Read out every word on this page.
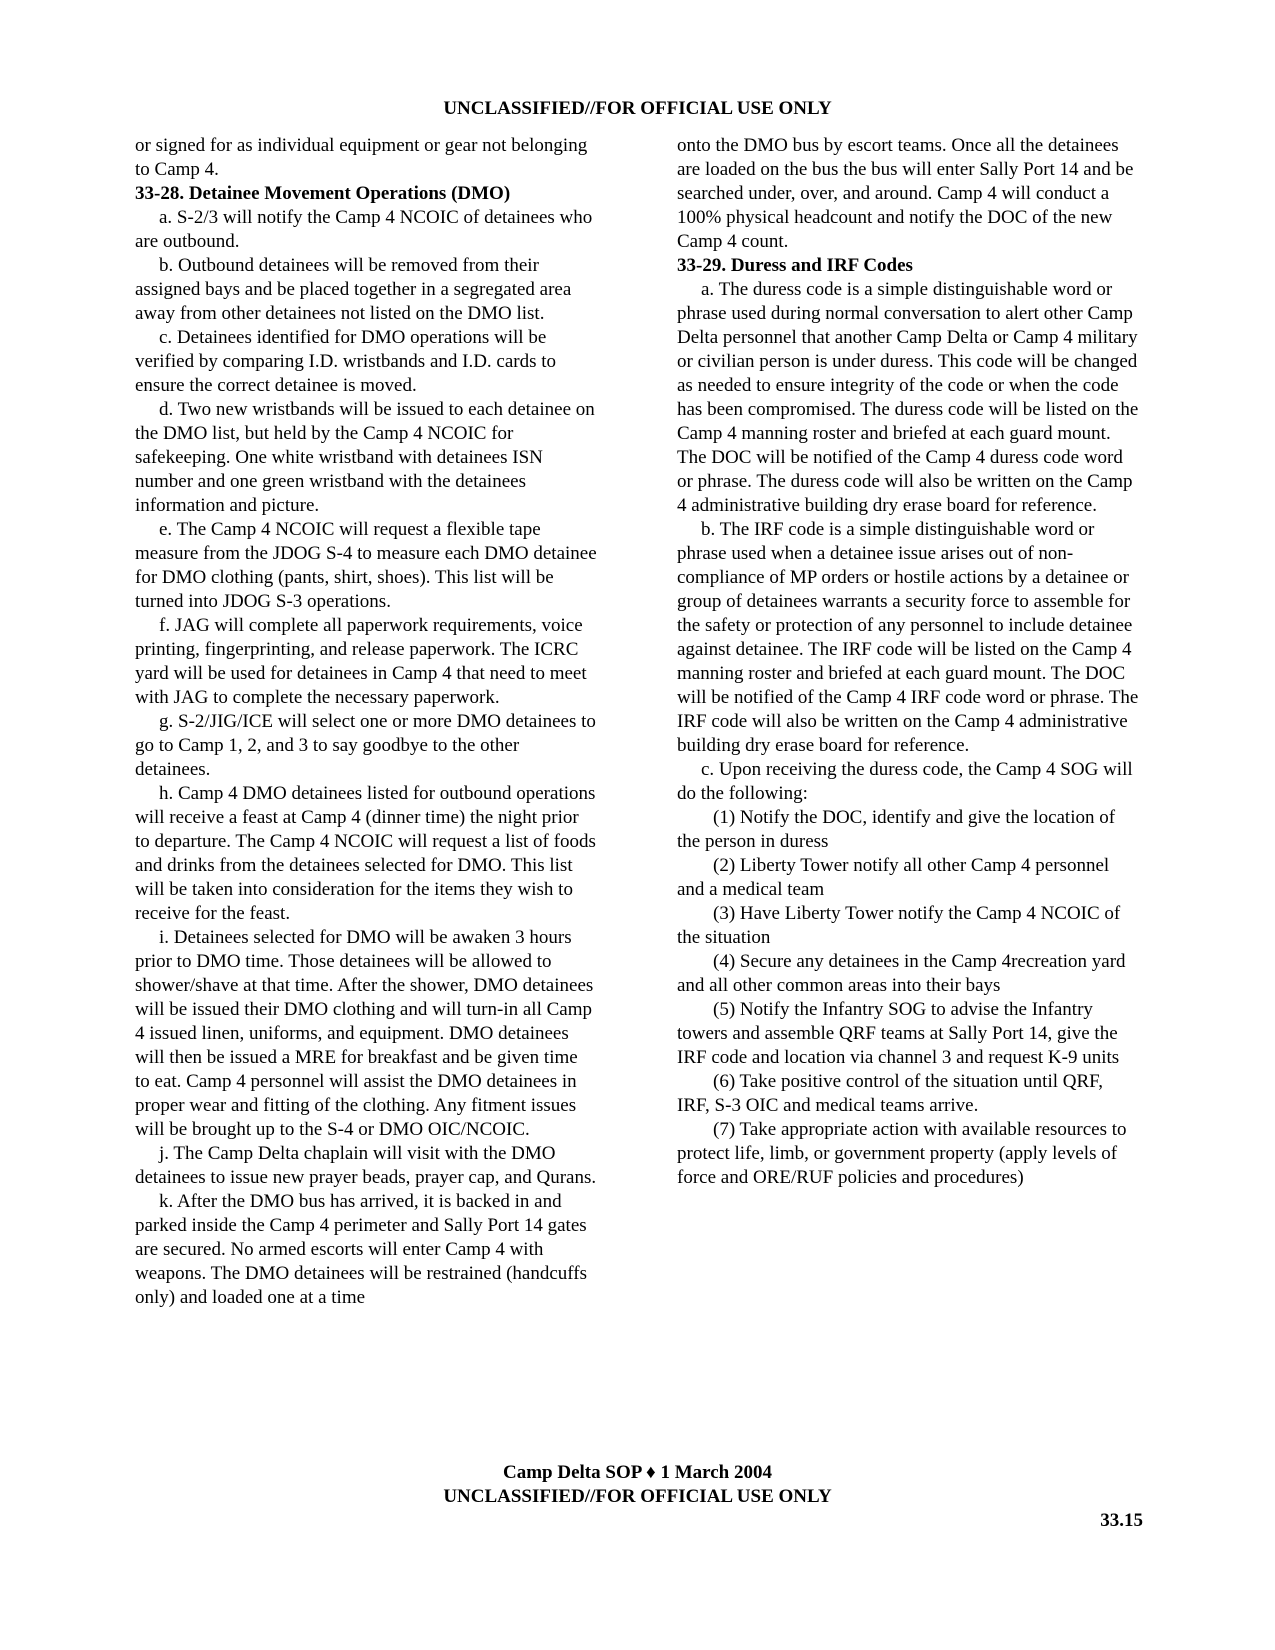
UNCLASSIFIED//FOR OFFICIAL USE ONLY

or signed for as individual equipment or gear not belonging to Camp 4.

33-28. Detainee Movement Operations (DMO)

a. S-2/3 will notify the Camp 4 NCOIC of detainees who are outbound.

b. Outbound detainees will be removed from their assigned bays and be placed together in a segregated area away from other detainees not listed on the DMO list.

c. Detainees identified for DMO operations will be verified by comparing I.D. wristbands and I.D. cards to ensure the correct detainee is moved.

d. Two new wristbands will be issued to each detainee on the DMO list, but held by the Camp 4 NCOIC for safekeeping. One white wristband with detainees ISN number and one green wristband with the detainees information and picture.

e. The Camp 4 NCOIC will request a flexible tape measure from the JDOG S-4 to measure each DMO detainee for DMO clothing (pants, shirt, shoes). This list will be turned into JDOG S-3 operations.

f. JAG will complete all paperwork requirements, voice printing, fingerprinting, and release paperwork. The ICRC yard will be used for detainees in Camp 4 that need to meet with JAG to complete the necessary paperwork.

g. S-2/JIG/ICE will select one or more DMO detainees to go to Camp 1, 2, and 3 to say goodbye to the other detainees.

h. Camp 4 DMO detainees listed for outbound operations will receive a feast at Camp 4 (dinner time) the night prior to departure. The Camp 4 NCOIC will request a list of foods and drinks from the detainees selected for DMO. This list will be taken into consideration for the items they wish to receive for the feast.

i. Detainees selected for DMO will be awaken 3 hours prior to DMO time. Those detainees will be allowed to shower/shave at that time. After the shower, DMO detainees will be issued their DMO clothing and will turn-in all Camp 4 issued linen, uniforms, and equipment. DMO detainees will then be issued a MRE for breakfast and be given time to eat. Camp 4 personnel will assist the DMO detainees in proper wear and fitting of the clothing. Any fitment issues will be brought up to the S-4 or DMO OIC/NCOIC.

j. The Camp Delta chaplain will visit with the DMO detainees to issue new prayer beads, prayer cap, and Qurans.

k. After the DMO bus has arrived, it is backed in and parked inside the Camp 4 perimeter and Sally Port 14 gates are secured. No armed escorts will enter Camp 4 with weapons. The DMO detainees will be restrained (handcuffs only) and loaded one at a time

onto the DMO bus by escort teams. Once all the detainees are loaded on the bus the bus will enter Sally Port 14 and be searched under, over, and around. Camp 4 will conduct a 100% physical headcount and notify the DOC of the new Camp 4 count.

33-29. Duress and IRF Codes

a. The duress code is a simple distinguishable word or phrase used during normal conversation to alert other Camp Delta personnel that another Camp Delta or Camp 4 military or civilian person is under duress. This code will be changed as needed to ensure integrity of the code or when the code has been compromised. The duress code will be listed on the Camp 4 manning roster and briefed at each guard mount. The DOC will be notified of the Camp 4 duress code word or phrase. The duress code will also be written on the Camp 4 administrative building dry erase board for reference.

b. The IRF code is a simple distinguishable word or phrase used when a detainee issue arises out of non-compliance of MP orders or hostile actions by a detainee or group of detainees warrants a security force to assemble for the safety or protection of any personnel to include detainee against detainee. The IRF code will be listed on the Camp 4 manning roster and briefed at each guard mount. The DOC will be notified of the Camp 4 IRF code word or phrase. The IRF code will also be written on the Camp 4 administrative building dry erase board for reference.

c. Upon receiving the duress code, the Camp 4 SOG will do the following:

(1) Notify the DOC, identify and give the location of the person in duress

(2) Liberty Tower notify all other Camp 4 personnel and a medical team

(3) Have Liberty Tower notify the Camp 4 NCOIC of the situation

(4) Secure any detainees in the Camp 4recreation yard and all other common areas into their bays

(5) Notify the Infantry SOG to advise the Infantry towers and assemble QRF teams at Sally Port 14, give the IRF code and location via channel 3 and request K-9 units

(6) Take positive control of the situation until QRF, IRF, S-3 OIC and medical teams arrive.

(7) Take appropriate action with available resources to protect life, limb, or government property (apply levels of force and ORE/RUF policies and procedures)

Camp Delta SOP ♦ 1 March 2004
UNCLASSIFIED//FOR OFFICIAL USE ONLY
33.15
